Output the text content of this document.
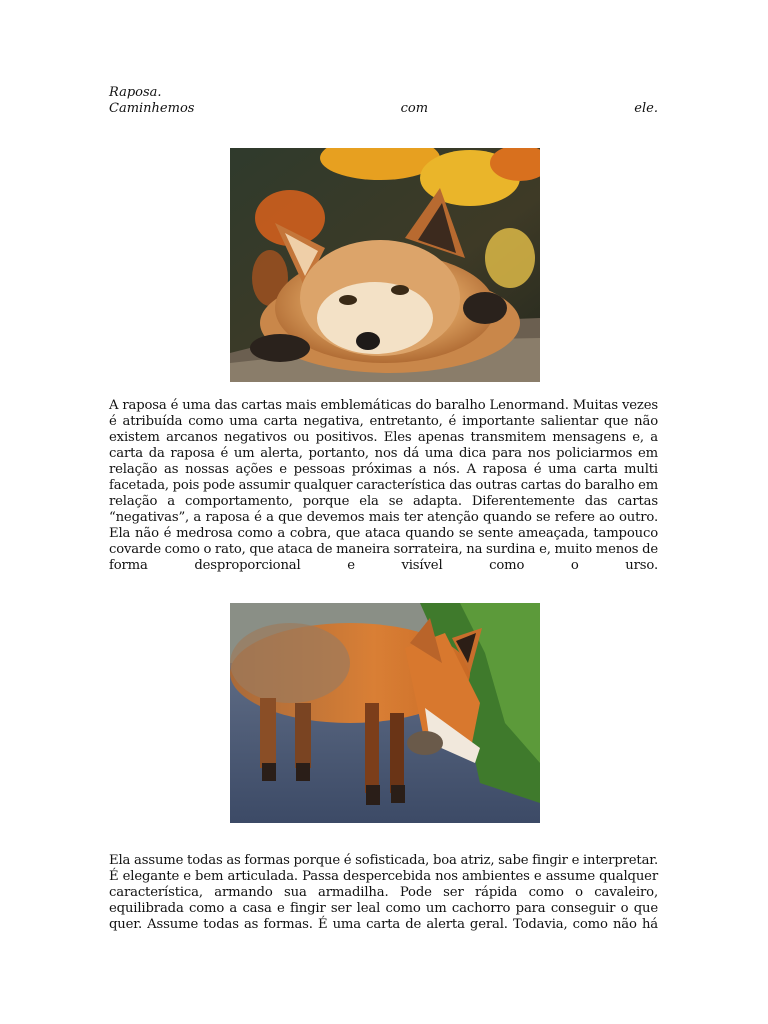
Raposa.
Caminhemos	com	ele.
A raposa é uma das cartas mais emblemáticas do baralho Lenormand. Muitas vezes
é atribuída como uma carta negativa, entretanto, é importante salientar que não
existem arcanos negativos ou positivos. Eles apenas transmitem mensagens e, a
carta da raposa é um alerta, portanto, nos dá uma dica para nos policiarmos em
relação as nossas ações e pessoas próximas a nós. A raposa é uma carta multi
facetada, pois pode assumir qualquer característica das outras cartas do baralho em
relação a comportamento, porque ela se adapta. Diferentemente das cartas
“negativas”, a raposa é a que devemos mais ter atenção quando se refere ao outro.
Ela não é medrosa como a cobra, que ataca quando se sente ameaçada, tampouco
covarde como o rato, que ataca de maneira sorrateira, na surdina e, muito menos de
forma desproporcional e visível como o urso.
Ela assume todas as formas porque é sofisticada, boa atriz, sabe fingir e interpretar.
É elegante e bem articulada. Passa despercebida nos ambientes e assume qualquer
característica, armando sua armadilha. Pode ser rápida como o cavaleiro,
equilibrada como a casa e fingir ser leal como um cachorro para conseguir o que
quer. Assume todas as formas. É uma carta de alerta geral. Todavia, como não há
